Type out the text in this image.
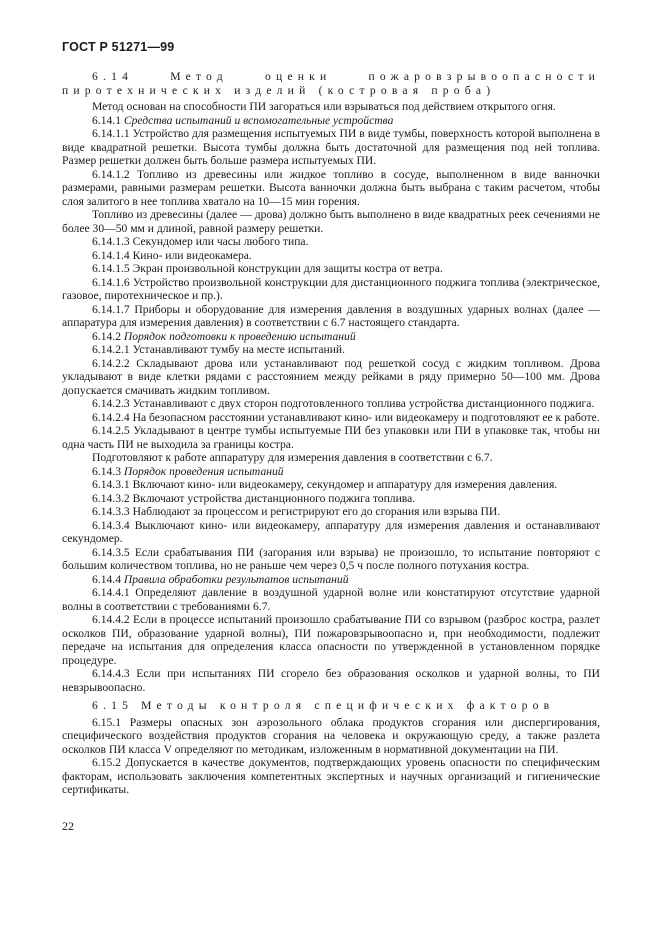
ГОСТ Р 51271—99

6.14 Метод оценки пожаровзрывоопасности пиротехнических изделий (костровая проба)

Метод основан на способности ПИ загораться или взрываться под действием открытого огня.

6.14.1 Средства испытаний и вспомогательные устройства

6.14.1.1 Устройство для размещения испытуемых ПИ в виде тумбы, поверхность которой выполнена в виде квадратной решетки. Высота тумбы должна быть достаточной для размещения под ней топлива. Размер решетки должен быть больше размера испытуемых ПИ.

6.14.1.2 Топливо из древесины или жидкое топливо в сосуде, выполненном в виде ванночки размерами, равными размерам решетки. Высота ванночки должна быть выбрана с таким расчетом, чтобы слоя залитого в нее топлива хватало на 10—15 мин горения.

Топливо из древесины (далее — дрова) должно быть выполнено в виде квадратных реек сечениями не более 30—50 мм и длиной, равной размеру решетки.

6.14.1.3 Секундомер или часы любого типа.

6.14.1.4 Кино- или видеокамера.

6.14.1.5 Экран произвольной конструкции для защиты костра от ветра.

6.14.1.6 Устройство произвольной конструкции для дистанционного поджига топлива (электрическое, газовое, пиротехническое и пр.).

6.14.1.7 Приборы и оборудование для измерения давления в воздушных ударных волнах (далее — аппаратура для измерения давления) в соответствии с 6.7 настоящего стандарта.

6.14.2 Порядок подготовки к проведению испытаний

6.14.2.1 Устанавливают тумбу на месте испытаний.

6.14.2.2 Складывают дрова или устанавливают под решеткой сосуд с жидким топливом. Дрова укладывают в виде клетки рядами с расстоянием между рейками в ряду примерно 50—100 мм. Дрова допускается смачивать жидким топливом.

6.14.2.3 Устанавливают с двух сторон подготовленного топлива устройства дистанционного поджига.

6.14.2.4 На безопасном расстоянии устанавливают кино- или видеокамеру и подготовляют ее к работе.

6.14.2.5 Укладывают в центре тумбы испытуемые ПИ без упаковки или ПИ в упаковке так, чтобы ни одна часть ПИ не выходила за границы костра.

Подготовляют к работе аппаратуру для измерения давления в соответствии с 6.7.

6.14.3 Порядок проведения испытаний

6.14.3.1 Включают кино- или видеокамеру, секундомер и аппаратуру для измерения давления.

6.14.3.2 Включают устройства дистанционного поджига топлива.

6.14.3.3 Наблюдают за процессом и регистрируют его до сгорания или взрыва ПИ.

6.14.3.4 Выключают кино- или видеокамеру, аппаратуру для измерения давления и останавливают секундомер.

6.14.3.5 Если срабатывания ПИ (загорания или взрыва) не произошло, то испытание повторяют с большим количеством топлива, но не раньше чем через 0,5 ч после полного потухания костра.

6.14.4 Правила обработки результатов испытаний

6.14.4.1 Определяют давление в воздушной ударной волне или констатируют отсутствие ударной волны в соответствии с требованиями 6.7.

6.14.4.2 Если в процессе испытаний произошло срабатывание ПИ со взрывом (разброс костра, разлет осколков ПИ, образование ударной волны), ПИ пожаровзрывоопасно и, при необходимости, подлежит передаче на испытания для определения класса опасности по утвержденной в установленном порядке процедуре.

6.14.4.3 Если при испытаниях ПИ сгорело без образования осколков и ударной волны, то ПИ невзрывоопасно.

6.15 Методы контроля специфических факторов

6.15.1 Размеры опасных зон аэрозольного облака продуктов сгорания или диспергирования, специфического воздействия продуктов сгорания на человека и окружающую среду, а также разлета осколков ПИ класса V определяют по методикам, изложенным в нормативной документации на ПИ.

6.15.2 Допускается в качестве документов, подтверждающих уровень опасности по специфическим факторам, использовать заключения компетентных экспертных и научных организаций и гигиенические сертификаты.

22
